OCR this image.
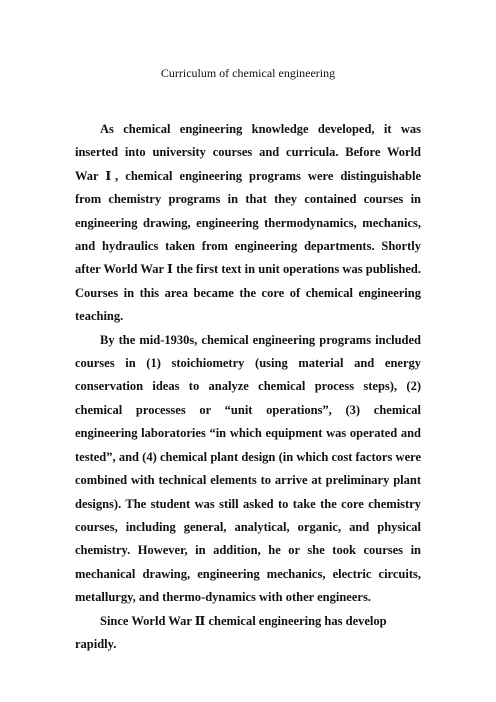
Curriculum of chemical engineering

As chemical engineering knowledge developed, it was inserted into university courses and curricula. Before World War Ⅰ, chemical engineering programs were distinguishable from chemistry programs in that they contained courses in engineering drawing, engineering thermodynamics, mechanics, and hydraulics taken from engineering departments. Shortly after World War Ⅰ the first text in unit operations was published. Courses in this area became the core of chemical engineering teaching.

By the mid-1930s, chemical engineering programs included courses in (1) stoichiometry (using material and energy conservation ideas to analyze chemical process steps), (2) chemical processes or “unit operations”, (3) chemical engineering laboratories “in which equipment was operated and tested”, and (4) chemical plant design (in which cost factors were combined with technical elements to arrive at preliminary plant designs). The student was still asked to take the core chemistry courses, including general, analytical, organic, and physical chemistry. However, in addition, he or she took courses in mechanical drawing, engineering mechanics, electric circuits, metallurgy, and thermo-dynamics with other engineers.

Since World War Ⅱ chemical engineering has develop rapidly.
